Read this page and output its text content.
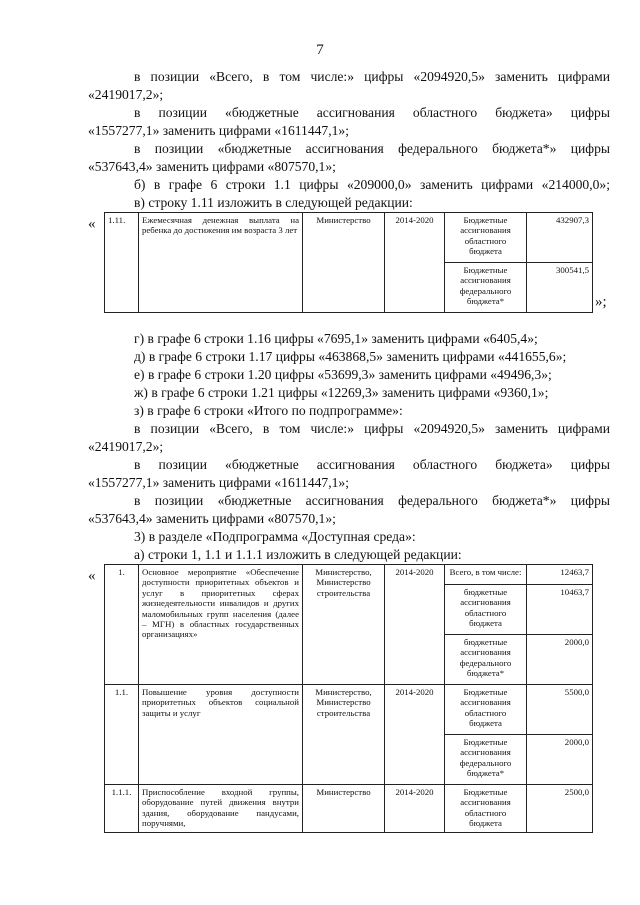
7
в позиции «Всего, в том числе:» цифры «2094920,5» заменить цифрами
«2419017,2»;
в позиции «бюджетные ассигнования областного бюджета» цифры
«1557277,1» заменить цифрами «1611447,1»;
в позиции «бюджетные ассигнования федерального бюджета*» цифры
«537643,4» заменить цифрами «807570,1»;
б) в графе 6 строки 1.1 цифры «209000,0» заменить цифрами «214000,0»;
в) строку 1.11 изложить в следующей редакции:
« 1.11.	Ежемесячная денежная выплата на ребенка до достижения им возраста 3 лет	Министерство	2014-2020	Бюджетные ассигнования областного бюджета	432907,3
				Бюджетные ассигнования федерального бюджета*	300541,5
»;
г) в графе 6 строки 1.16 цифры «7695,1» заменить цифрами «6405,4»;
д) в графе 6 строки 1.17 цифры «463868,5» заменить цифрами «441655,6»;
е) в графе 6 строки 1.20 цифры «53699,3» заменить цифрами «49496,3»;
ж) в графе 6 строки 1.21 цифры «12269,3» заменить цифрами «9360,1»;
з) в графе 6 строки «Итого по подпрограмме»:
в позиции «Всего, в том числе:» цифры «2094920,5» заменить цифрами
«2419017,2»;
в позиции «бюджетные ассигнования областного бюджета» цифры
«1557277,1» заменить цифрами «1611447,1»;
в позиции «бюджетные ассигнования федерального бюджета*» цифры
«537643,4» заменить цифрами «807570,1»;
3) в разделе «Подпрограмма «Доступная среда»:
а) строки 1, 1.1 и 1.1.1 изложить в следующей редакции:
«	1.	Основное мероприятие «Обеспечение доступности приоритетных объектов и услуг в приоритетных сферах жизнедеятельности инвалидов и других маломобильных групп населения (далее – МГН) в областных государственных организациях»	Министерство, Министерство строительства	2014-2020	Всего, в том числе:	12463,7
				бюджетные ассигнования областного бюджета	10463,7
				бюджетные ассигнования федерального бюджета*	2000,0
1.1.	Повышение уровня доступности приоритетных объектов социальной защиты и услуг	Министерство, Министерство строительства	2014-2020	Бюджетные ассигнования областного бюджета	5500,0
				Бюджетные ассигнования федерального бюджета*	2000,0
1.1.1.	Приспособление входной группы, оборудование путей движения внутри здания, оборудование пандусами, поручнями,	Министерство	2014-2020	Бюджетные ассигнования областного бюджета	2500,0
